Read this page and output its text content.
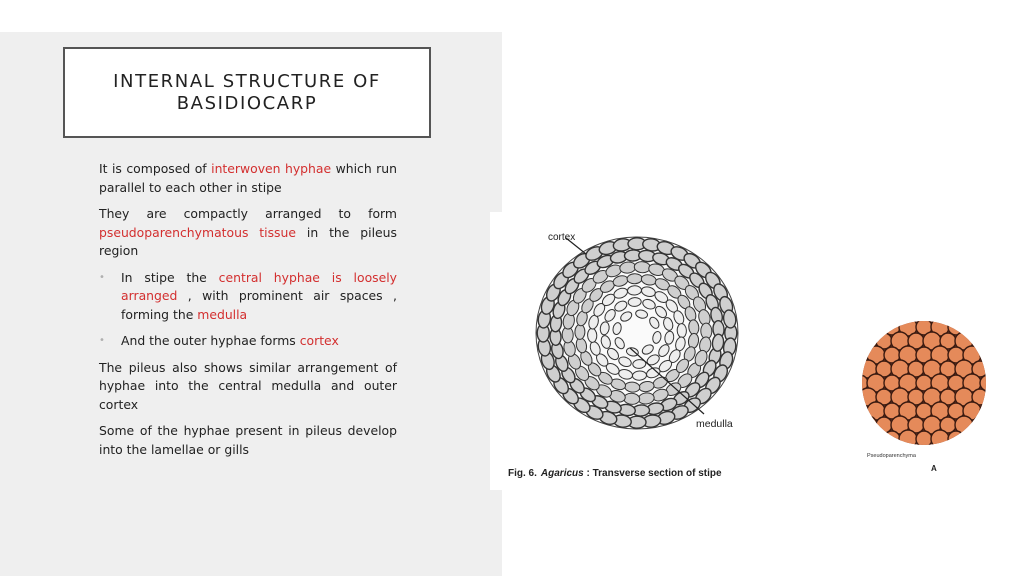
INTERNAL STRUCTURE OF
BASIDIOCARP

It is composed of interwoven hyphae which run parallel to each other in stipe

They are compactly arranged to form pseudoparenchymatous tissue in the pileus region

•	In stipe the central hyphae is loosely arranged , with prominent air spaces , forming the medulla
•	And the outer hyphae forms cortex

The pileus also shows similar arrangement of hyphae into the central medulla and outer cortex

Some of the hyphae present in pileus develop into the lamellae or gills

cortex
medulla
Fig. 6. Agaricus : Transverse section of stipe
Pseudoparenchyma
A
